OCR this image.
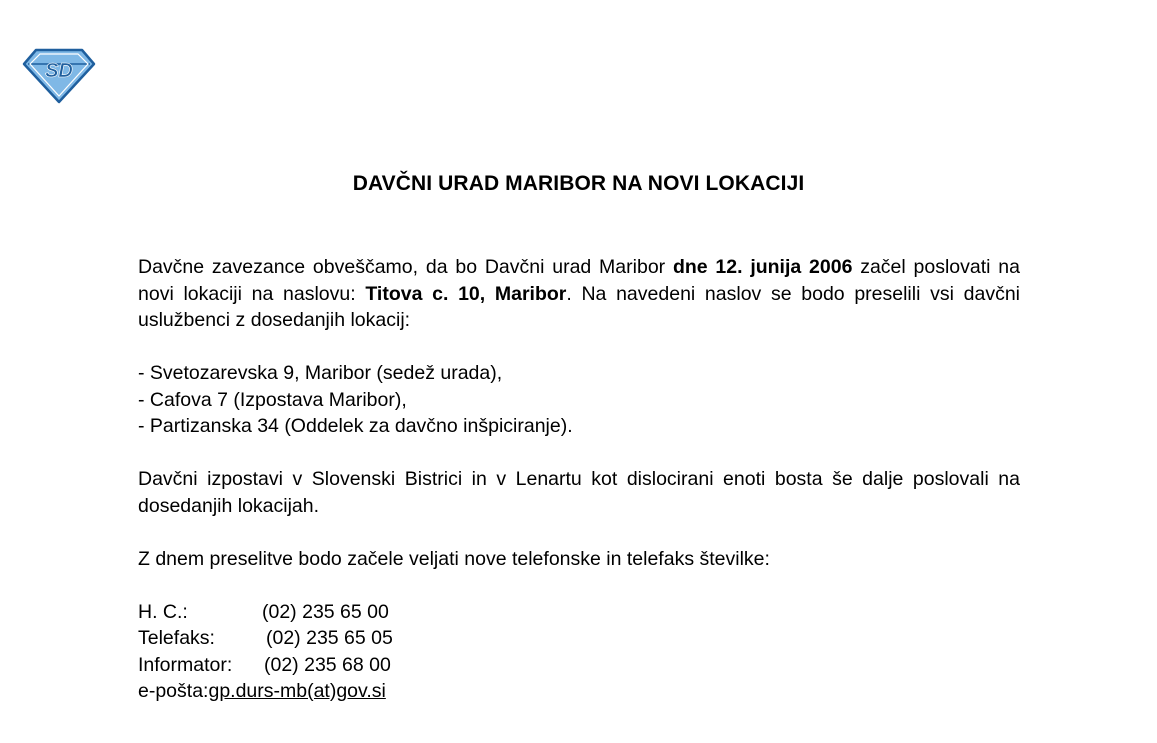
SD
DAVČNI URAD MARIBOR NA NOVI LOKACIJI

Davčne zavezance obveščamo, da bo Davčni urad Maribor dne 12. junija 2006 začel poslovati na novi lokaciji na naslovu: Titova c. 10, Maribor. Na navedeni naslov se bodo preselili vsi davčni uslužbenci z dosedanjih lokacij:

- Svetozarevska 9, Maribor (sedež urada),

- Cafova 7 (Izpostava Maribor),

- Partizanska 34 (Oddelek za davčno inšpiciranje).

Davčni izpostavi v Slovenski Bistrici in v Lenartu kot dislocirani enoti bosta še dalje poslovali na dosedanjih lokacijah.

Z dnem preselitve bodo začele veljati nove telefonske in telefaks številke:

H. C.:	(02) 235 65 00
Telefaks:	(02) 235 65 05
Informator:	(02) 235 68 00
e-pošta: gp.durs-mb(at)gov.si
